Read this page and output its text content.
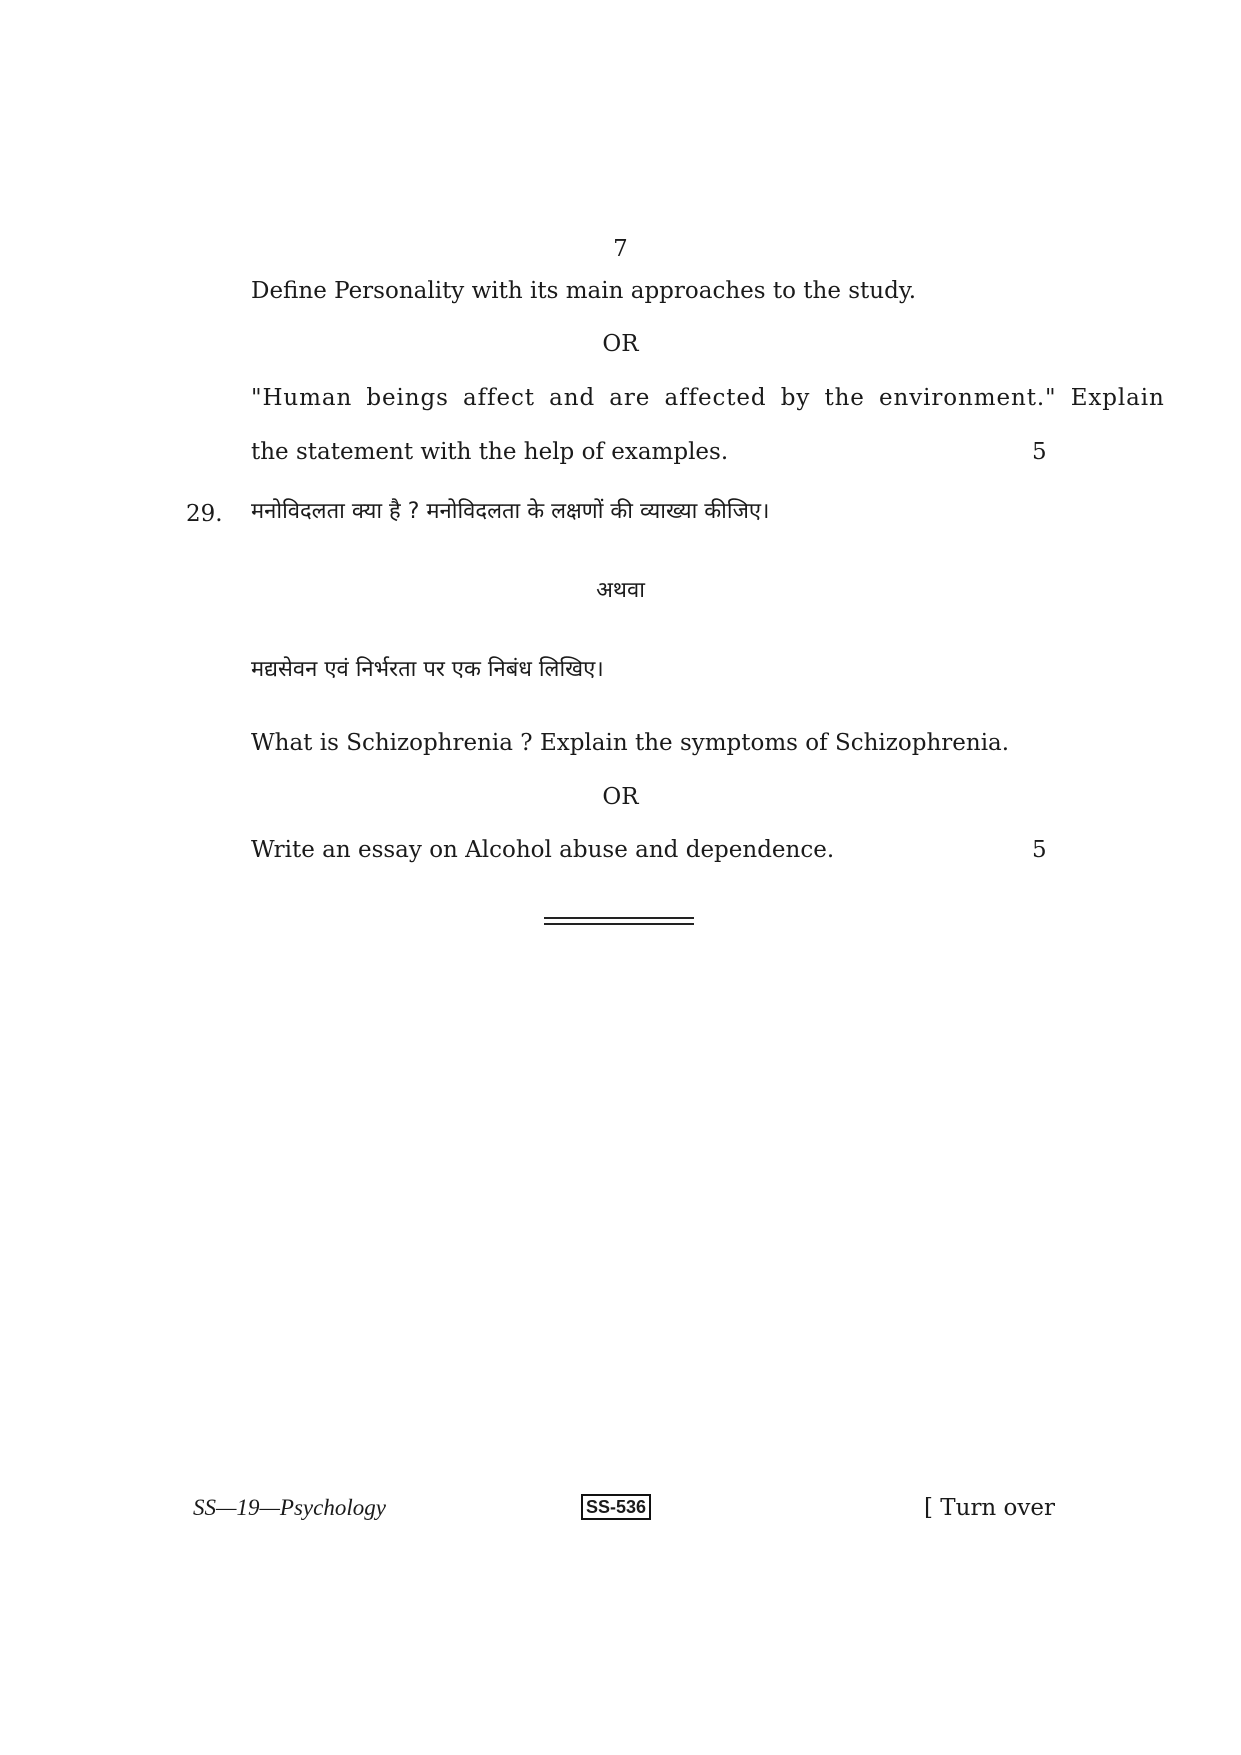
7
Define Personality with its main approaches to the study.
OR
"Human beings affect and are affected by the environment." Explain
the statement with the help of examples.	5
29. मनोविदलता क्या है ? मनोविदलता के लक्षणों की व्याख्या कीजिए।
अथवा
मद्यसेवन एवं निर्भरता पर एक निबंध लिखिए।
What is Schizophrenia ? Explain the symptoms of Schizophrenia.
OR
Write an essay on Alcohol abuse and dependence.	5
SS—19—Psychology	SS-536	[ Turn over
